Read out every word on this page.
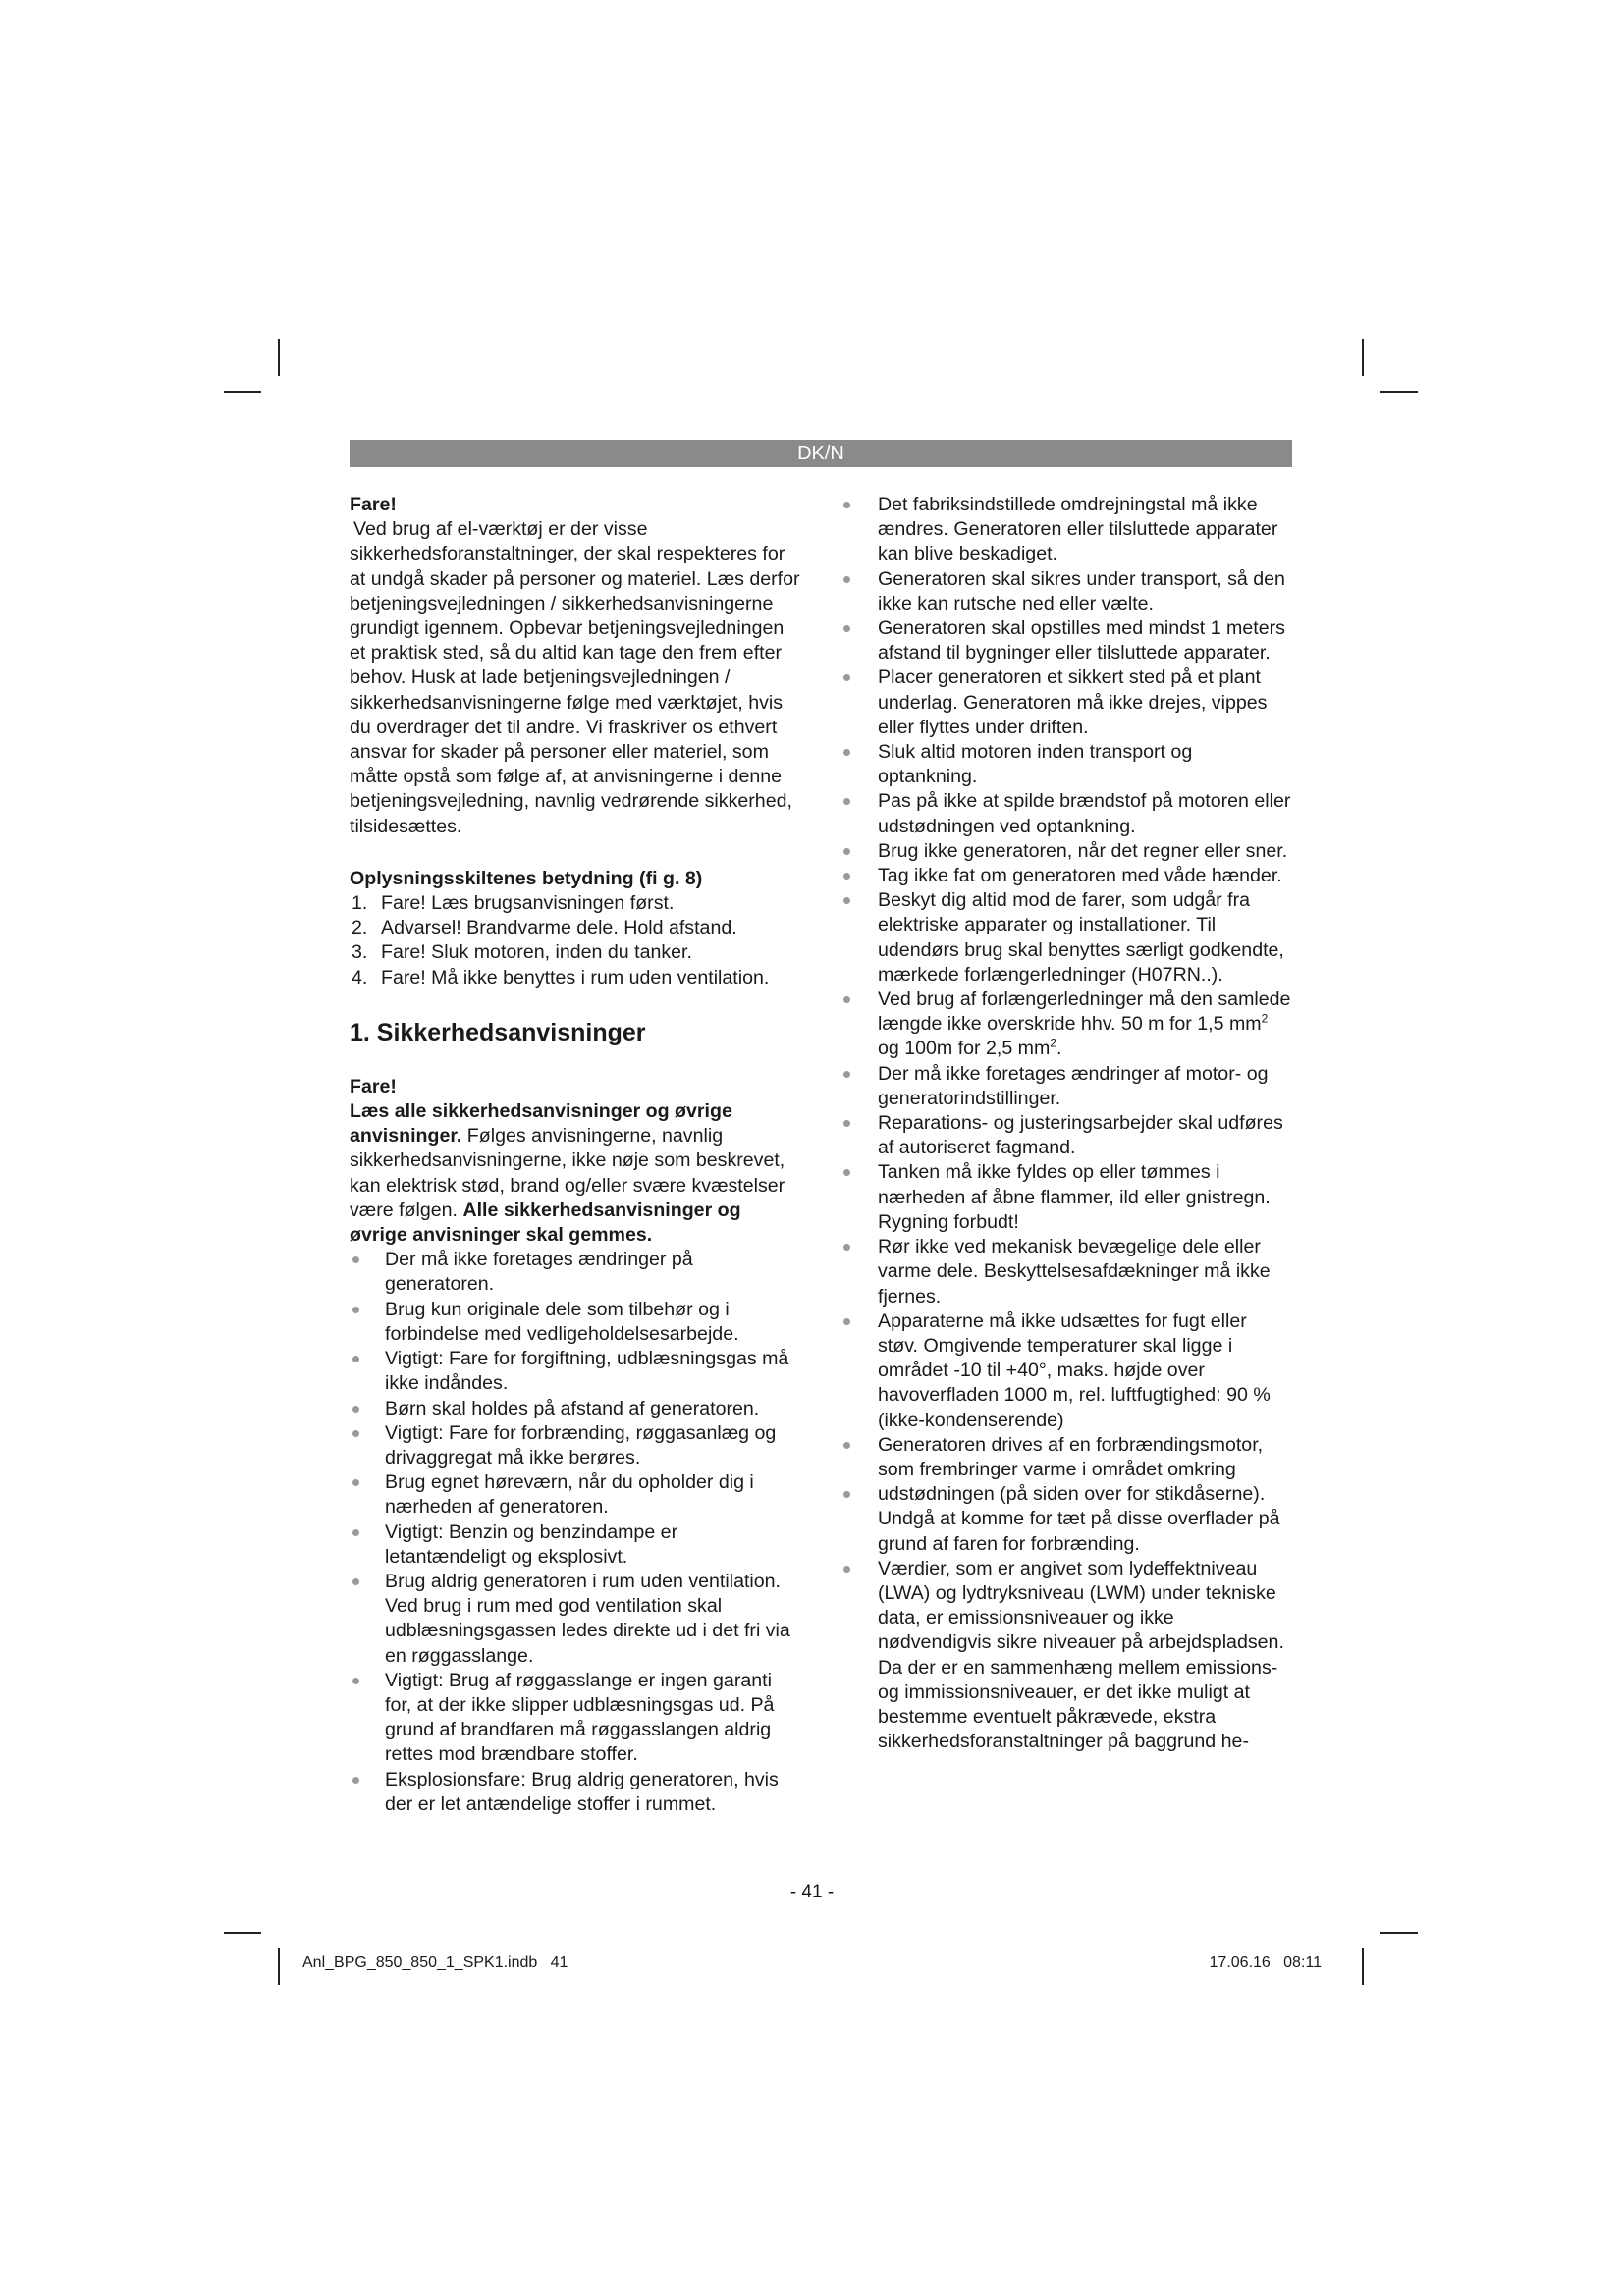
DK/N

Fare!

Ved brug af el-værktøj er der visse sikkerhedsforanstaltninger, der skal respekteres for at undgå skader på personer og materiel. Læs derfor betjeningsvejledningen / sikkerhedsanvisningerne grundigt igennem. Opbevar betjeningsvejledningen et praktisk sted, så du altid kan tage den frem efter behov. Husk at lade betjeningsvejledningen / sikkerhedsanvisningerne følge med værktøjet, hvis du overdrager det til andre. Vi fraskriver os ethvert ansvar for skader på personer eller materiel, som måtte opstå som følge af, at anvisningerne i denne betjeningsvejledning, navnlig vedrørende sikkerhed, tilsidesættes.

Oplysningsskiltenes betydning (fi g. 8)

1. Fare! Læs brugsanvisningen først.
2. Advarsel! Brandvarme dele. Hold afstand.
3. Fare! Sluk motoren, inden du tanker.
4. Fare! Må ikke benyttes i rum uden ventilation.
1. Sikkerhedsanvisninger

Fare!

Læs alle sikkerhedsanvisninger og øvrige anvisninger. Følges anvisningerne, navnlig sikkerhedsanvisningerne, ikke nøje som beskrevet, kan elektrisk stød, brand og/eller svære kvæstelser være følgen. Alle sikkerhedsanvisninger og øvrige anvisninger skal gemmes.

Der må ikke foretages ændringer på generatoren.
Brug kun originale dele som tilbehør og i forbindelse med vedligeholdelsesarbejde.
Vigtigt: Fare for forgiftning, udblæsningsgas må ikke indåndes.
Børn skal holdes på afstand af generatoren.
Vigtigt: Fare for forbrænding, røggasanlæg og drivaggregat må ikke berøres.
Brug egnet høreværn, når du opholder dig i nærheden af generatoren.
Vigtigt: Benzin og benzindampe er letantændeligt og eksplosivt.
Brug aldrig generatoren i rum uden ventilation. Ved brug i rum med god ventilation skal udblæsningsgassen ledes direkte ud i det fri via en røggasslange.
Vigtigt: Brug af røggasslange er ingen garanti for, at der ikke slipper udblæsningsgas ud. På grund af brandfaren må røggasslangen aldrig rettes mod brændbare stoffer.
Eksplosionsfare: Brug aldrig generatoren, hvis der er let antændelige stoffer i rummet.
Det fabriksindstillede omdrejningstal må ikke ændres. Generatoren eller tilsluttede apparater kan blive beskadiget.
Generatoren skal sikres under transport, så den ikke kan rutsche ned eller vælte.
Generatoren skal opstilles med mindst 1 meters afstand til bygninger eller tilsluttede apparater.
Placer generatoren et sikkert sted på et plant underlag. Generatoren må ikke drejes, vippes eller flyttes under driften.
Sluk altid motoren inden transport og optankning.
Pas på ikke at spilde brændstof på motoren eller udstødningen ved optankning.
Brug ikke generatoren, når det regner eller sner.
Tag ikke fat om generatoren med våde hænder.
Beskyt dig altid mod de farer, som udgår fra elektriske apparater og installationer. Til udendørs brug skal benyttes særligt godkendte, mærkede forlængerledninger (H07RN..).
Ved brug af forlængerledninger må den samlede længde ikke overskride hhv. 50 m for 1,5 $mm^2$ og 100m for 2,5 $mm^2$.
Der må ikke foretages ændringer af motor- og generatorindstillinger.
Reparations- og justeringsarbejder skal udføres af autoriseret fagmand.
Tanken må ikke fyldes op eller tømmes i nærheden af åbne flammer, ild eller gnistregn. Rygning forbudt!
Rør ikke ved mekanisk bevægelige dele eller varme dele. Beskyttelsesafdækninger må ikke fjernes.
Apparaterne må ikke udsættes for fugt eller støv. Omgivende temperaturer skal ligge i området -10 til +40°, maks. højde over havoverfladen 1000 m, rel. luftfugtighed: 90 % (ikke-kondenserende)
Generatoren drives af en forbrændingsmotor, som frembringer varme i området omkring
udstødningen (på siden over for stikdåserne). Undgå at komme for tæt på disse overflader på grund af faren for forbrænding.
Værdier, som er angivet som lydeffektniveau (LWA) og lydtryksniveau (LWM) under tekniske data, er emissionsniveauer og ikke nødvendigvis sikre niveauer på arbejdspladsen. Da der er en sammenhæng mellem emissions- og immissionsniveauer, er det ikke muligt at bestemme eventuelt påkrævede, ekstra sikkerhedsforanstaltninger på baggrund he-
- 41 -
Anl_BPG_850_850_1_SPK1.indb   41	17.06.16   08:11
